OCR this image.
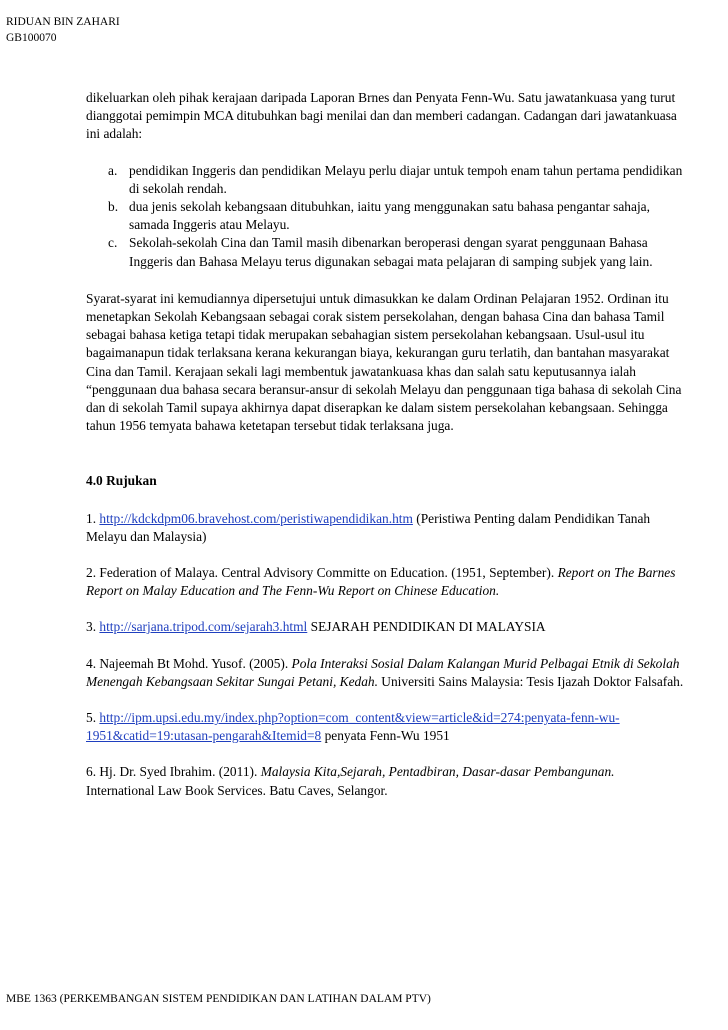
RIDUAN BIN ZAHARI
GB100070

dikeluarkan oleh pihak kerajaan daripada Laporan Brnes dan Penyata Fenn-Wu. Satu jawatankuasa yang turut dianggotai pemimpin MCA ditubuhkan bagi menilai dan dan memberi cadangan. Cadangan dari jawatankuasa ini adalah:

a. pendidikan Inggeris dan pendidikan Melayu perlu diajar untuk tempoh enam tahun pertama pendidikan di sekolah rendah.
b. dua jenis sekolah kebangsaan ditubuhkan, iaitu yang menggunakan satu bahasa pengantar sahaja, samada Inggeris atau Melayu.
c. Sekolah-sekolah Cina dan Tamil masih dibenarkan beroperasi dengan syarat penggunaan Bahasa Inggeris dan Bahasa Melayu terus digunakan sebagai mata pelajaran di samping subjek yang lain.

Syarat-syarat ini kemudiannya dipersetujui untuk dimasukkan ke dalam Ordinan Pelajaran 1952. Ordinan itu menetapkan Sekolah Kebangsaan sebagai corak sistem persekolahan, dengan bahasa Cina dan bahasa Tamil sebagai bahasa ketiga tetapi tidak merupakan sebahagian sistem persekolahan kebangsaan. Usul-usul itu bagaimanapun tidak terlaksana kerana kekurangan biaya, kekurangan guru terlatih, dan bantahan masyarakat Cina dan Tamil. Kerajaan sekali lagi membentuk jawatankuasa khas dan salah satu keputusannya ialah “penggunaan dua bahasa secara beransur-ansur di sekolah Melayu dan penggunaan tiga bahasa di sekolah Cina dan di sekolah Tamil supaya akhirnya dapat diserapkan ke dalam sistem persekolahan kebangsaan. Sehingga tahun 1956 temyata bahawa ketetapan tersebut tidak terlaksana juga.

4.0 Rujukan

1. http://kdckdpm06.bravehost.com/peristiwapendidikan.htm (Peristiwa Penting dalam Pendidikan Tanah Melayu dan Malaysia)

2. Federation of Malaya. Central Advisory Committe on Education. (1951, September). Report on The Barnes Report on Malay Education and The Fenn-Wu Report on Chinese Education.

3. http://sarjana.tripod.com/sejarah3.html SEJARAH PENDIDIKAN DI MALAYSIA

4. Najeemah Bt Mohd. Yusof. (2005). Pola Interaksi Sosial Dalam Kalangan Murid Pelbagai Etnik di Sekolah Menengah Kebangsaan Sekitar Sungai Petani, Kedah. Universiti Sains Malaysia: Tesis Ijazah Doktor Falsafah.

5. http://ipm.upsi.edu.my/index.php?option=com_content&view=article&id=274:penyata-fenn-wu-1951&catid=19:utasan-pengarah&Itemid=8 penyata Fenn-Wu 1951

6. Hj. Dr. Syed Ibrahim. (2011). Malaysia Kita,Sejarah, Pentadbiran, Dasar-dasar Pembangunan. International Law Book Services. Batu Caves, Selangor.

MBE 1363 (PERKEMBANGAN SISTEM PENDIDIKAN DAN LATIHAN DALAM PTV)
